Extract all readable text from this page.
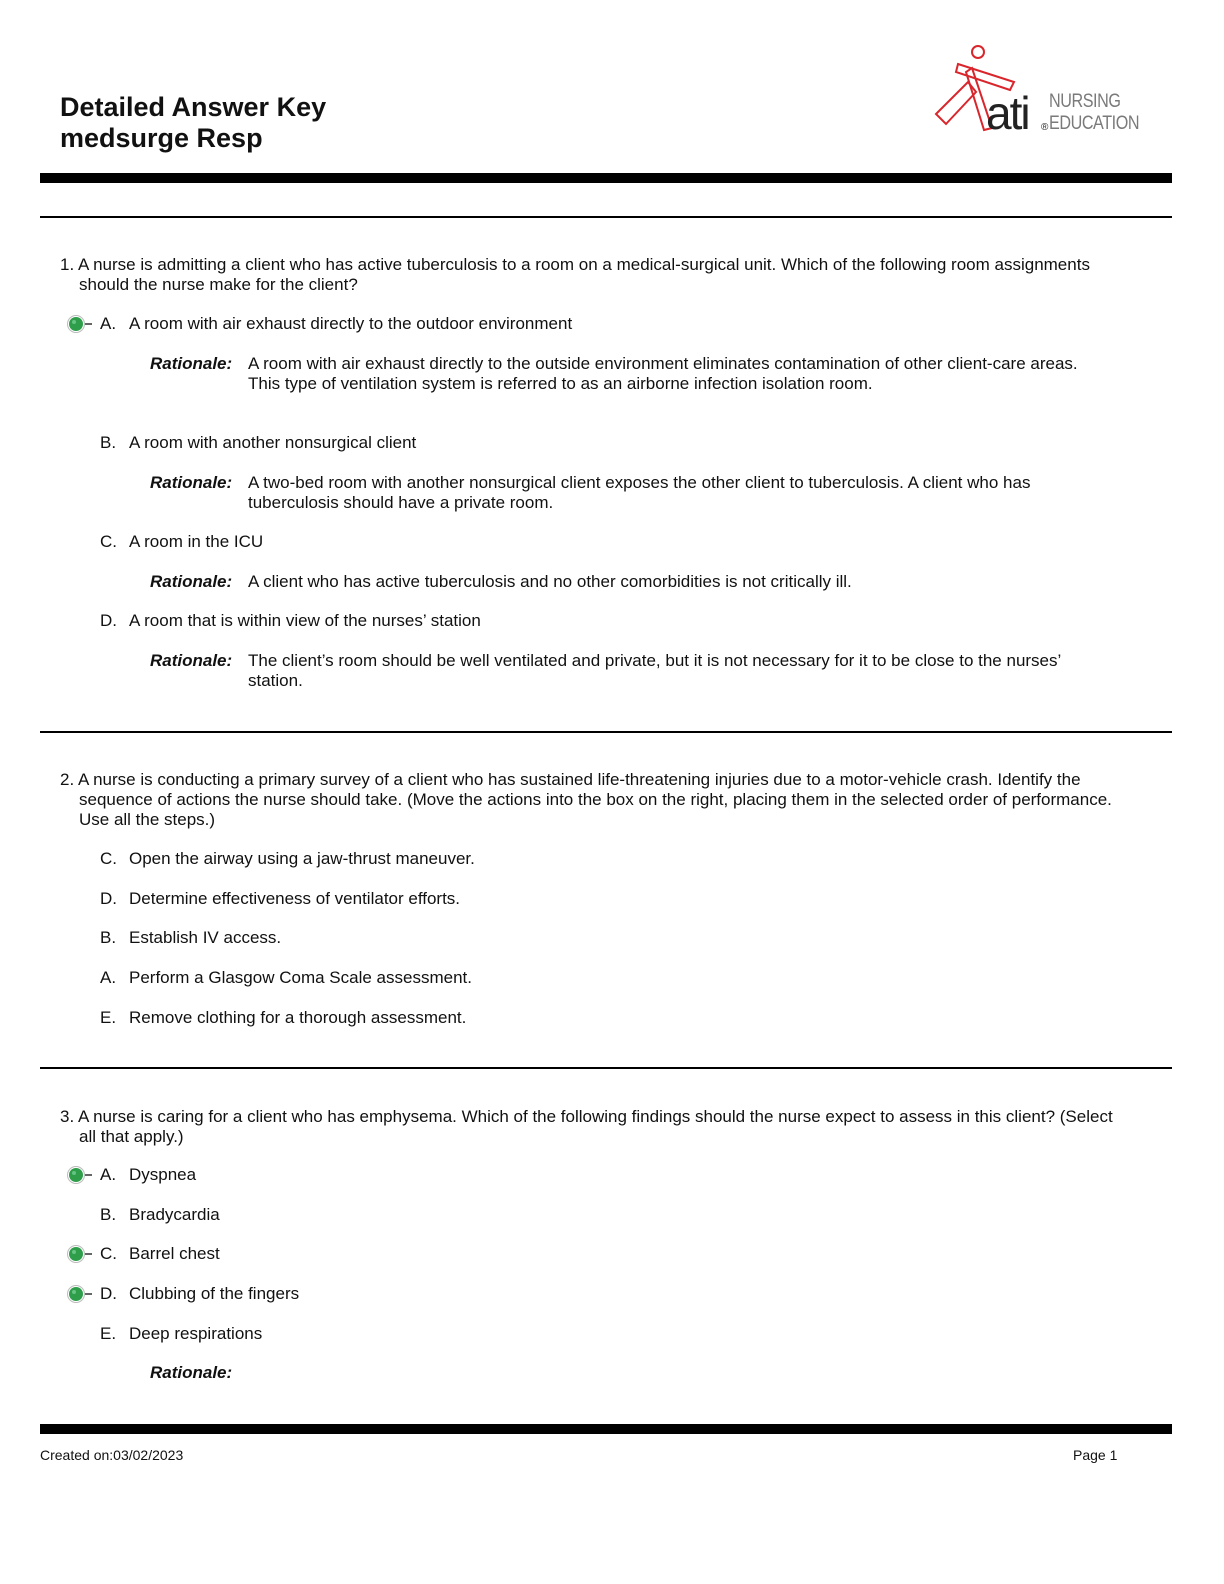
Detailed Answer Key
medsurge Resp	ati ®
NURSING
EDUCATION
1. A nurse is admitting a client who has active tuberculosis to a room on a medical-surgical unit. Which of the following room assignments should the nurse make for the client?
A. A room with air exhaust directly to the outdoor environment
Rationale: A room with air exhaust directly to the outside environment eliminates contamination of other client-care areas. This type of ventilation system is referred to as an airborne infection isolation room.
B. A room with another nonsurgical client
Rationale: A two-bed room with another nonsurgical client exposes the other client to tuberculosis. A client who has tuberculosis should have a private room.
C. A room in the ICU
Rationale: A client who has active tuberculosis and no other comorbidities is not critically ill.
D. A room that is within view of the nurses’ station
Rationale: The client’s room should be well ventilated and private, but it is not necessary for it to be close to the nurses’ station.
2. A nurse is conducting a primary survey of a client who has sustained life-threatening injuries due to a motor-vehicle crash. Identify the sequence of actions the nurse should take. (Move the actions into the box on the right, placing them in the selected order of performance. Use all the steps.)
C. Open the airway using a jaw-thrust maneuver.
D. Determine effectiveness of ventilator efforts.
B. Establish IV access.
A. Perform a Glasgow Coma Scale assessment.
E. Remove clothing for a thorough assessment.
3. A nurse is caring for a client who has emphysema. Which of the following findings should the nurse expect to assess in this client? (Select all that apply.)
A. Dyspnea
B. Bradycardia
C. Barrel chest
D. Clubbing of the fingers
E. Deep respirations
Rationale:
Created on:03/02/2023	Page 1
